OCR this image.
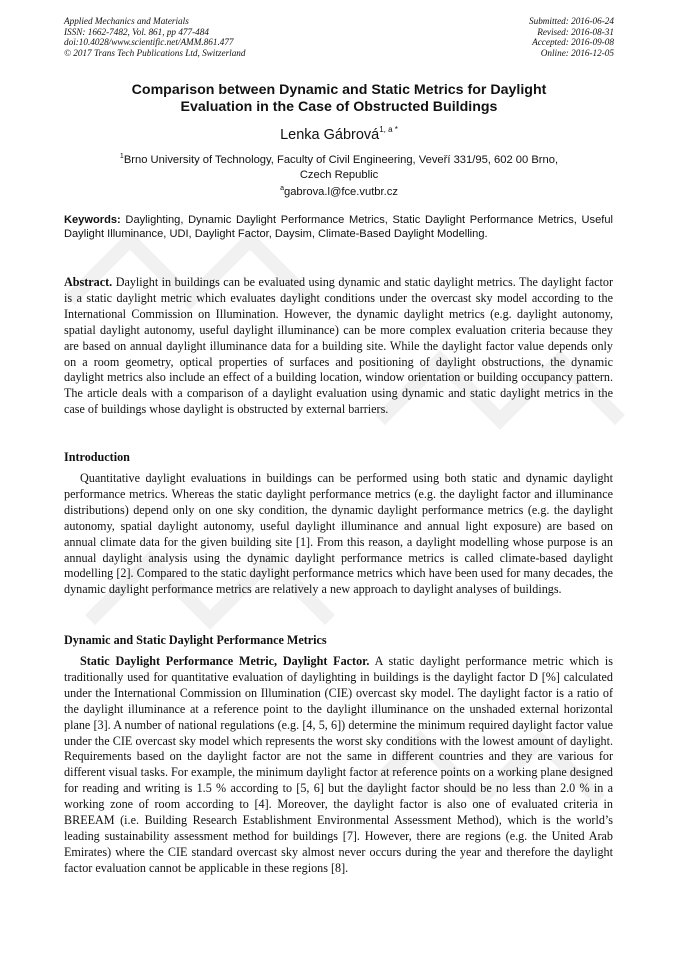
Applied Mechanics and Materials
ISSN: 1662-7482, Vol. 861, pp 477-484
doi:10.4028/www.scientific.net/AMM.861.477
© 2017 Trans Tech Publications Ltd, Switzerland
Submitted: 2016-06-24
Revised: 2016-08-31
Accepted: 2016-09-08
Online: 2016-12-05
Comparison between Dynamic and Static Metrics for Daylight
Evaluation in the Case of Obstructed Buildings
Lenka Gábrová$^{1, a *}$
$^1$Brno University of Technology, Faculty of Civil Engineering, Veveří 331/95, 602 00 Brno,
Czech Republic
$^a$gabrova.l@fce.vutbr.cz
Keywords: Daylighting, Dynamic Daylight Performance Metrics, Static Daylight Performance Metrics, Useful Daylight Illuminance, UDI, Daylight Factor, Daysim, Climate-Based Daylight Modelling.
Abstract. Daylight in buildings can be evaluated using dynamic and static daylight metrics. The daylight factor is a static daylight metric which evaluates daylight conditions under the overcast sky model according to the International Commission on Illumination. However, the dynamic daylight metrics (e.g. daylight autonomy, spatial daylight autonomy, useful daylight illuminance) can be more complex evaluation criteria because they are based on annual daylight illuminance data for a building site. While the daylight factor value depends only on a room geometry, optical properties of surfaces and positioning of daylight obstructions, the dynamic daylight metrics also include an effect of a building location, window orientation or building occupancy pattern. The article deals with a comparison of a daylight evaluation using dynamic and static daylight metrics in the case of buildings whose daylight is obstructed by external barriers.
Introduction
Quantitative daylight evaluations in buildings can be performed using both static and dynamic daylight performance metrics. Whereas the static daylight performance metrics (e.g. the daylight factor and illuminance distributions) depend only on one sky condition, the dynamic daylight performance metrics (e.g. the daylight autonomy, spatial daylight autonomy, useful daylight illuminance and annual light exposure) are based on annual climate data for the given building site [1]. From this reason, a daylight modelling whose purpose is an annual daylight analysis using the dynamic daylight performance metrics is called climate-based daylight modelling [2]. Compared to the static daylight performance metrics which have been used for many decades, the dynamic daylight performance metrics are relatively a new approach to daylight analyses of buildings.
Dynamic and Static Daylight Performance Metrics
Static Daylight Performance Metric, Daylight Factor. A static daylight performance metric which is traditionally used for quantitative evaluation of daylighting in buildings is the daylight factor D [%] calculated under the International Commission on Illumination (CIE) overcast sky model. The daylight factor is a ratio of the daylight illuminance at a reference point to the daylight illuminance on the unshaded external horizontal plane [3]. A number of national regulations (e.g. [4, 5, 6]) determine the minimum required daylight factor value under the CIE overcast sky model which represents the worst sky conditions with the lowest amount of daylight. Requirements based on the daylight factor are not the same in different countries and they are various for different visual tasks. For example, the minimum daylight factor at reference points on a working plane designed for reading and writing is 1.5 % according to [5, 6] but the daylight factor should be no less than 2.0 % in a working zone of room according to [4]. Moreover, the daylight factor is also one of evaluated criteria in BREEAM (i.e. Building Research Establishment Environmental Assessment Method), which is the world’s leading sustainability assessment method for buildings [7]. However, there are regions (e.g. the United Arab Emirates) where the CIE standard overcast sky almost never occurs during the year and therefore the daylight factor evaluation cannot be applicable in these regions [8].
